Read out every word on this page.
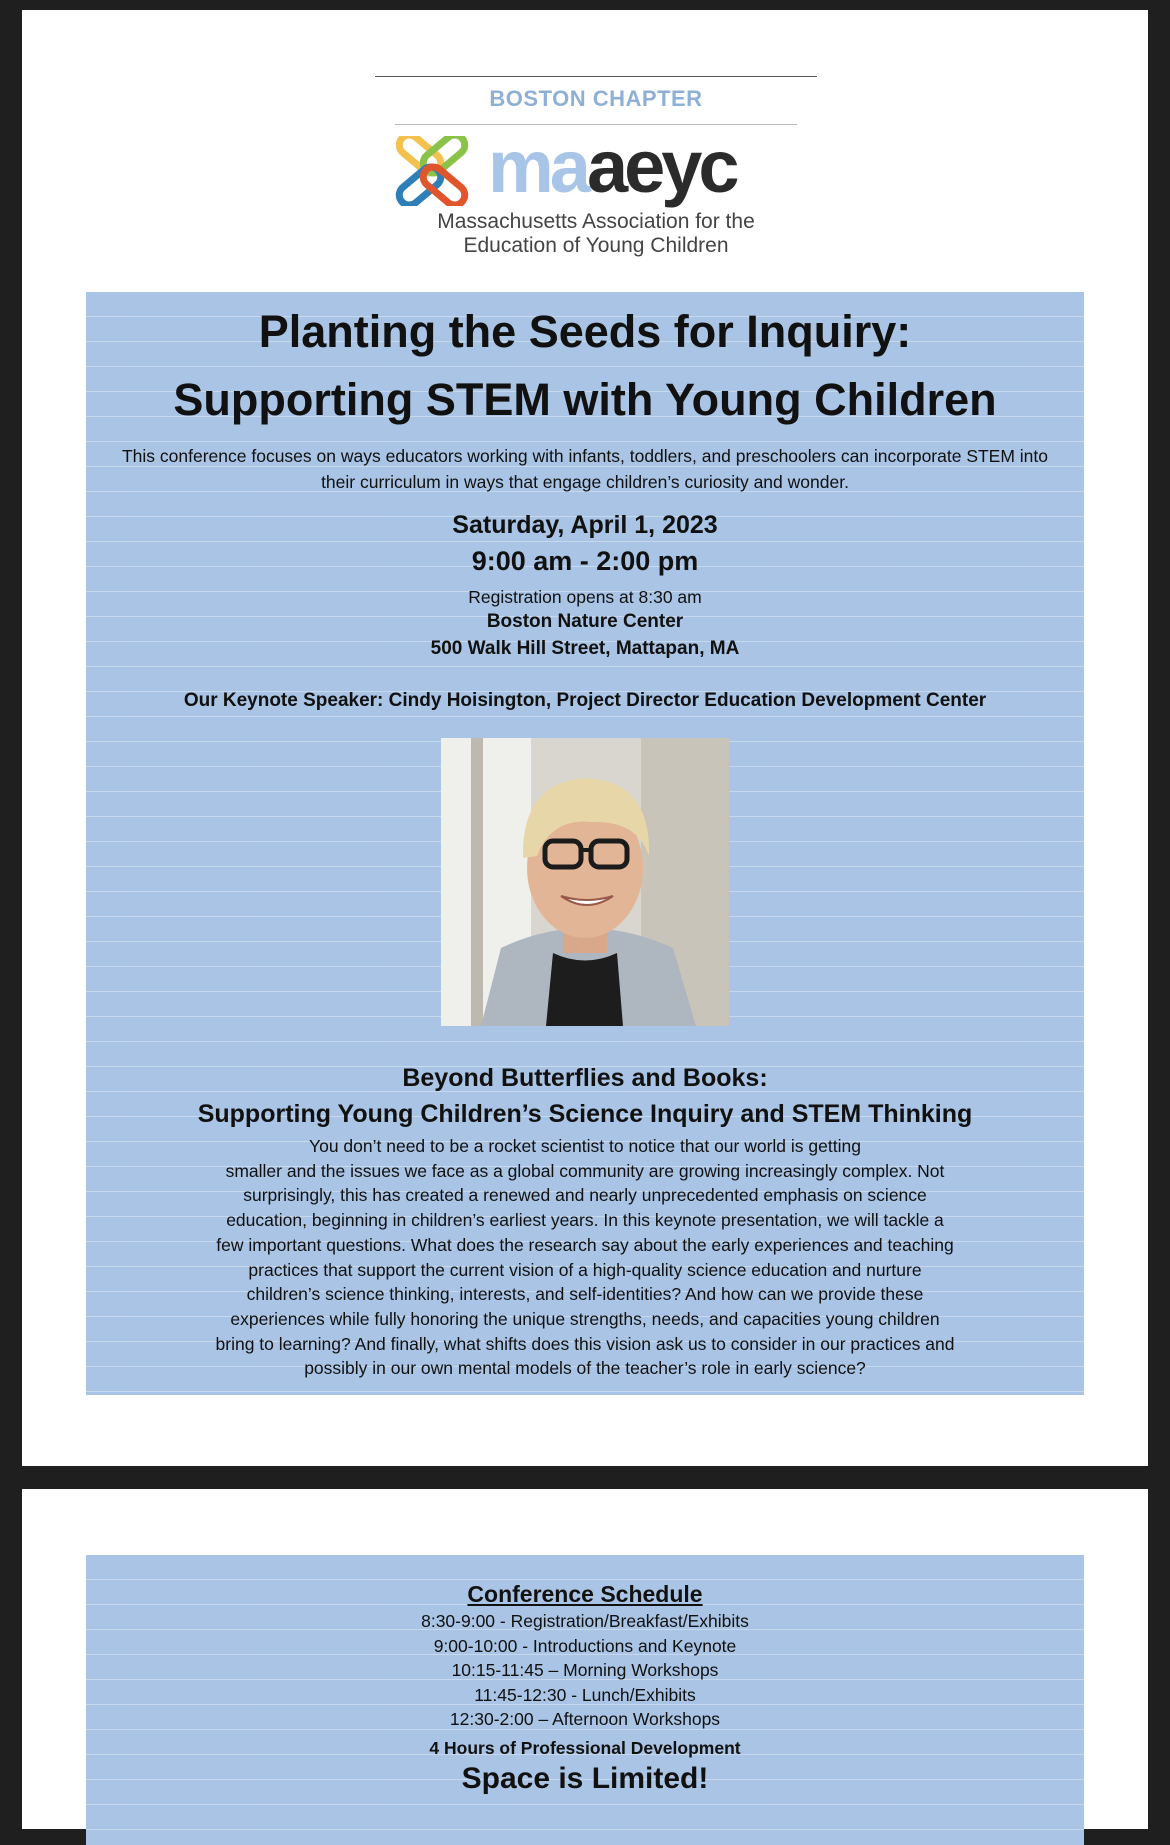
BOSTON CHAPTER
maaeyc
Massachusetts Association for the
Education of Young Children
Planting the Seeds for Inquiry:
Supporting STEM with Young Children
This conference focuses on ways educators working with infants, toddlers, and preschoolers can incorporate STEM into
their curriculum in ways that engage children’s curiosity and wonder.
Saturday, April 1, 2023
9:00 am - 2:00 pm
Registration opens at 8:30 am
Boston Nature Center
500 Walk Hill Street, Mattapan, MA
Our Keynote Speaker: Cindy Hoisington, Project Director Education Development Center
Beyond Butterflies and Books:
Supporting Young Children’s Science Inquiry and STEM Thinking
You don’t need to be a rocket scientist to notice that our world is getting
smaller and the issues we face as a global community are growing increasingly complex. Not
surprisingly, this has created a renewed and nearly unprecedented emphasis on science
education, beginning in children’s earliest years. In this keynote presentation, we will tackle a
few important questions. What does the research say about the early experiences and teaching
practices that support the current vision of a high-quality science education and nurture
children’s science thinking, interests, and self-identities? And how can we provide these
experiences while fully honoring the unique strengths, needs, and capacities young children
bring to learning? And finally, what shifts does this vision ask us to consider in our practices and
possibly in our own mental models of the teacher’s role in early science?
Conference Schedule
8:30-9:00 - Registration/Breakfast/Exhibits
9:00-10:00 - Introductions and Keynote
10:15-11:45 – Morning Workshops
11:45-12:30 - Lunch/Exhibits
12:30-2:00 – Afternoon Workshops
4 Hours of Professional Development
Space is Limited!
